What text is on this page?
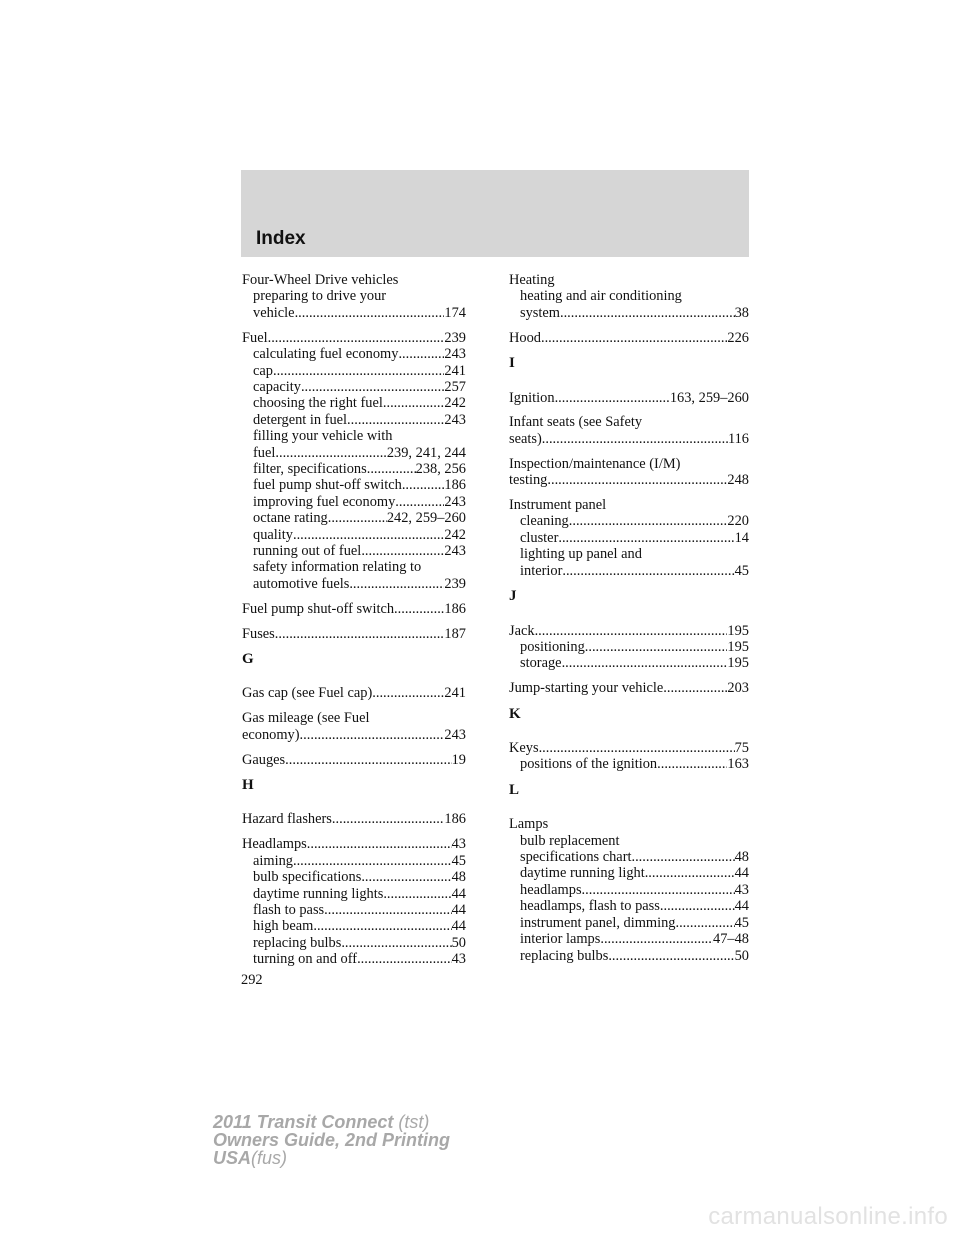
Index
Four-Wheel Drive vehicles
preparing to drive your
vehicle .....	174
Fuel .....	239
calculating fuel economy .....	243
cap .....	241
capacity .....	257
choosing the right fuel .....	242
detergent in fuel .....	243
filling your vehicle with
fuel .....	239, 241, 244
filter, specifications .....	238, 256
fuel pump shut-off switch .....	186
improving fuel economy .....	243
octane rating .....	242, 259–260
quality .....	242
running out of fuel .....	243
safety information relating to
automotive fuels .....	239
Fuel pump shut-off switch .....	186
Fuses .....	187
G
Gas cap (see Fuel cap) .....	241
Gas mileage (see Fuel
economy) .....	243
Gauges .....	19
H
Hazard flashers .....	186
Headlamps .....	43
aiming .....	45
bulb specifications .....	48
daytime running lights .....	44
flash to pass .....	44
high beam .....	44
replacing bulbs .....	50
turning on and off .....	43
Heating
heating and air conditioning
system .....	38
Hood .....	226
I
Ignition .....	163, 259–260
Infant seats (see Safety
seats) .....	116
Inspection/maintenance (I/M)
testing .....	248
Instrument panel
cleaning .....	220
cluster .....	14
lighting up panel and
interior .....	45
J
Jack .....	195
positioning .....	195
storage .....	195
Jump-starting your vehicle .....	203
K
Keys .....	75
positions of the ignition .....	163
L
Lamps
bulb replacement
specifications chart .....	48
daytime running light .....	44
headlamps .....	43
headlamps, flash to pass .....	44
instrument panel, dimming .....	45
interior lamps .....	47–48
replacing bulbs .....	50
292
2011 Transit Connect (tst)
Owners Guide, 2nd Printing
USA(fus)
carmanualsonline.info
